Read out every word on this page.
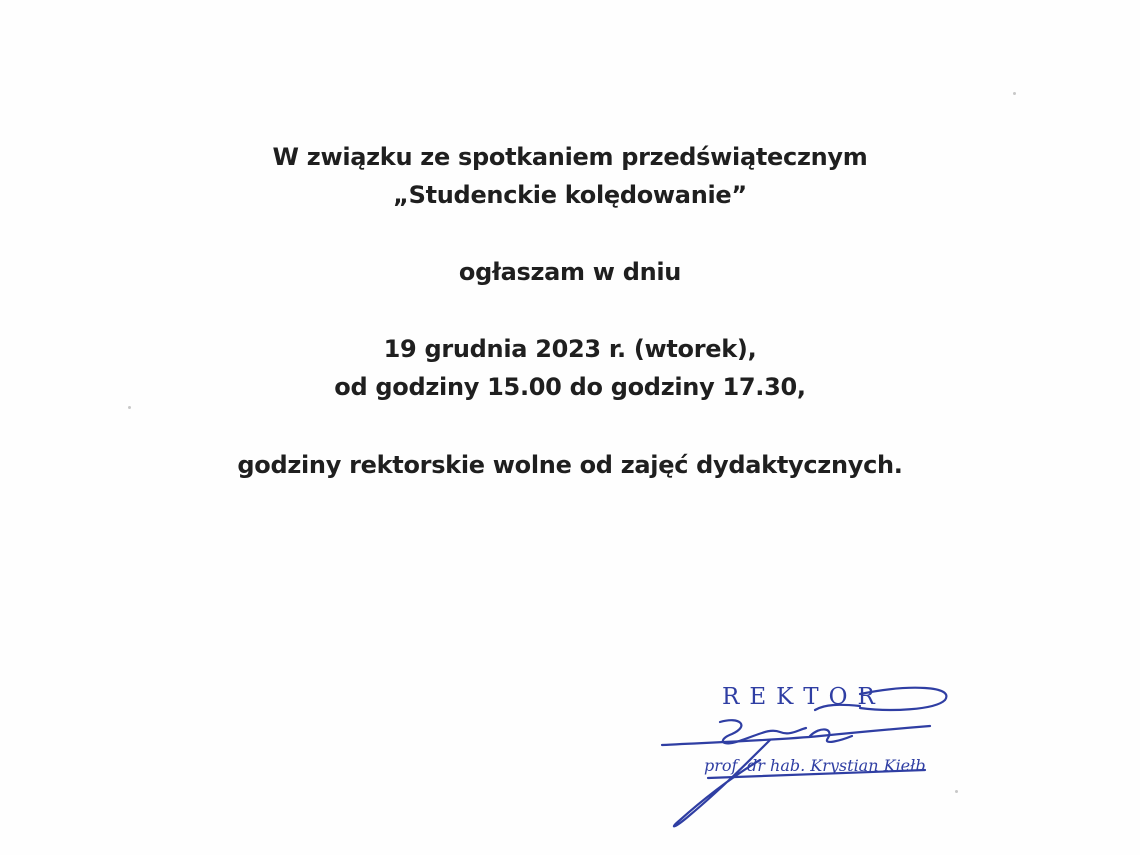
W związku ze spotkaniem przedświątecznym
„Studenckie kolędowanie”
ogłaszam w dniu
19 grudnia 2023 r. (wtorek),
od godziny 15.00 do godziny 17.30,
godziny rektorskie wolne od zajęć dydaktycznych.
REKTOR
prof. dr hab. Krystian Kiełb
